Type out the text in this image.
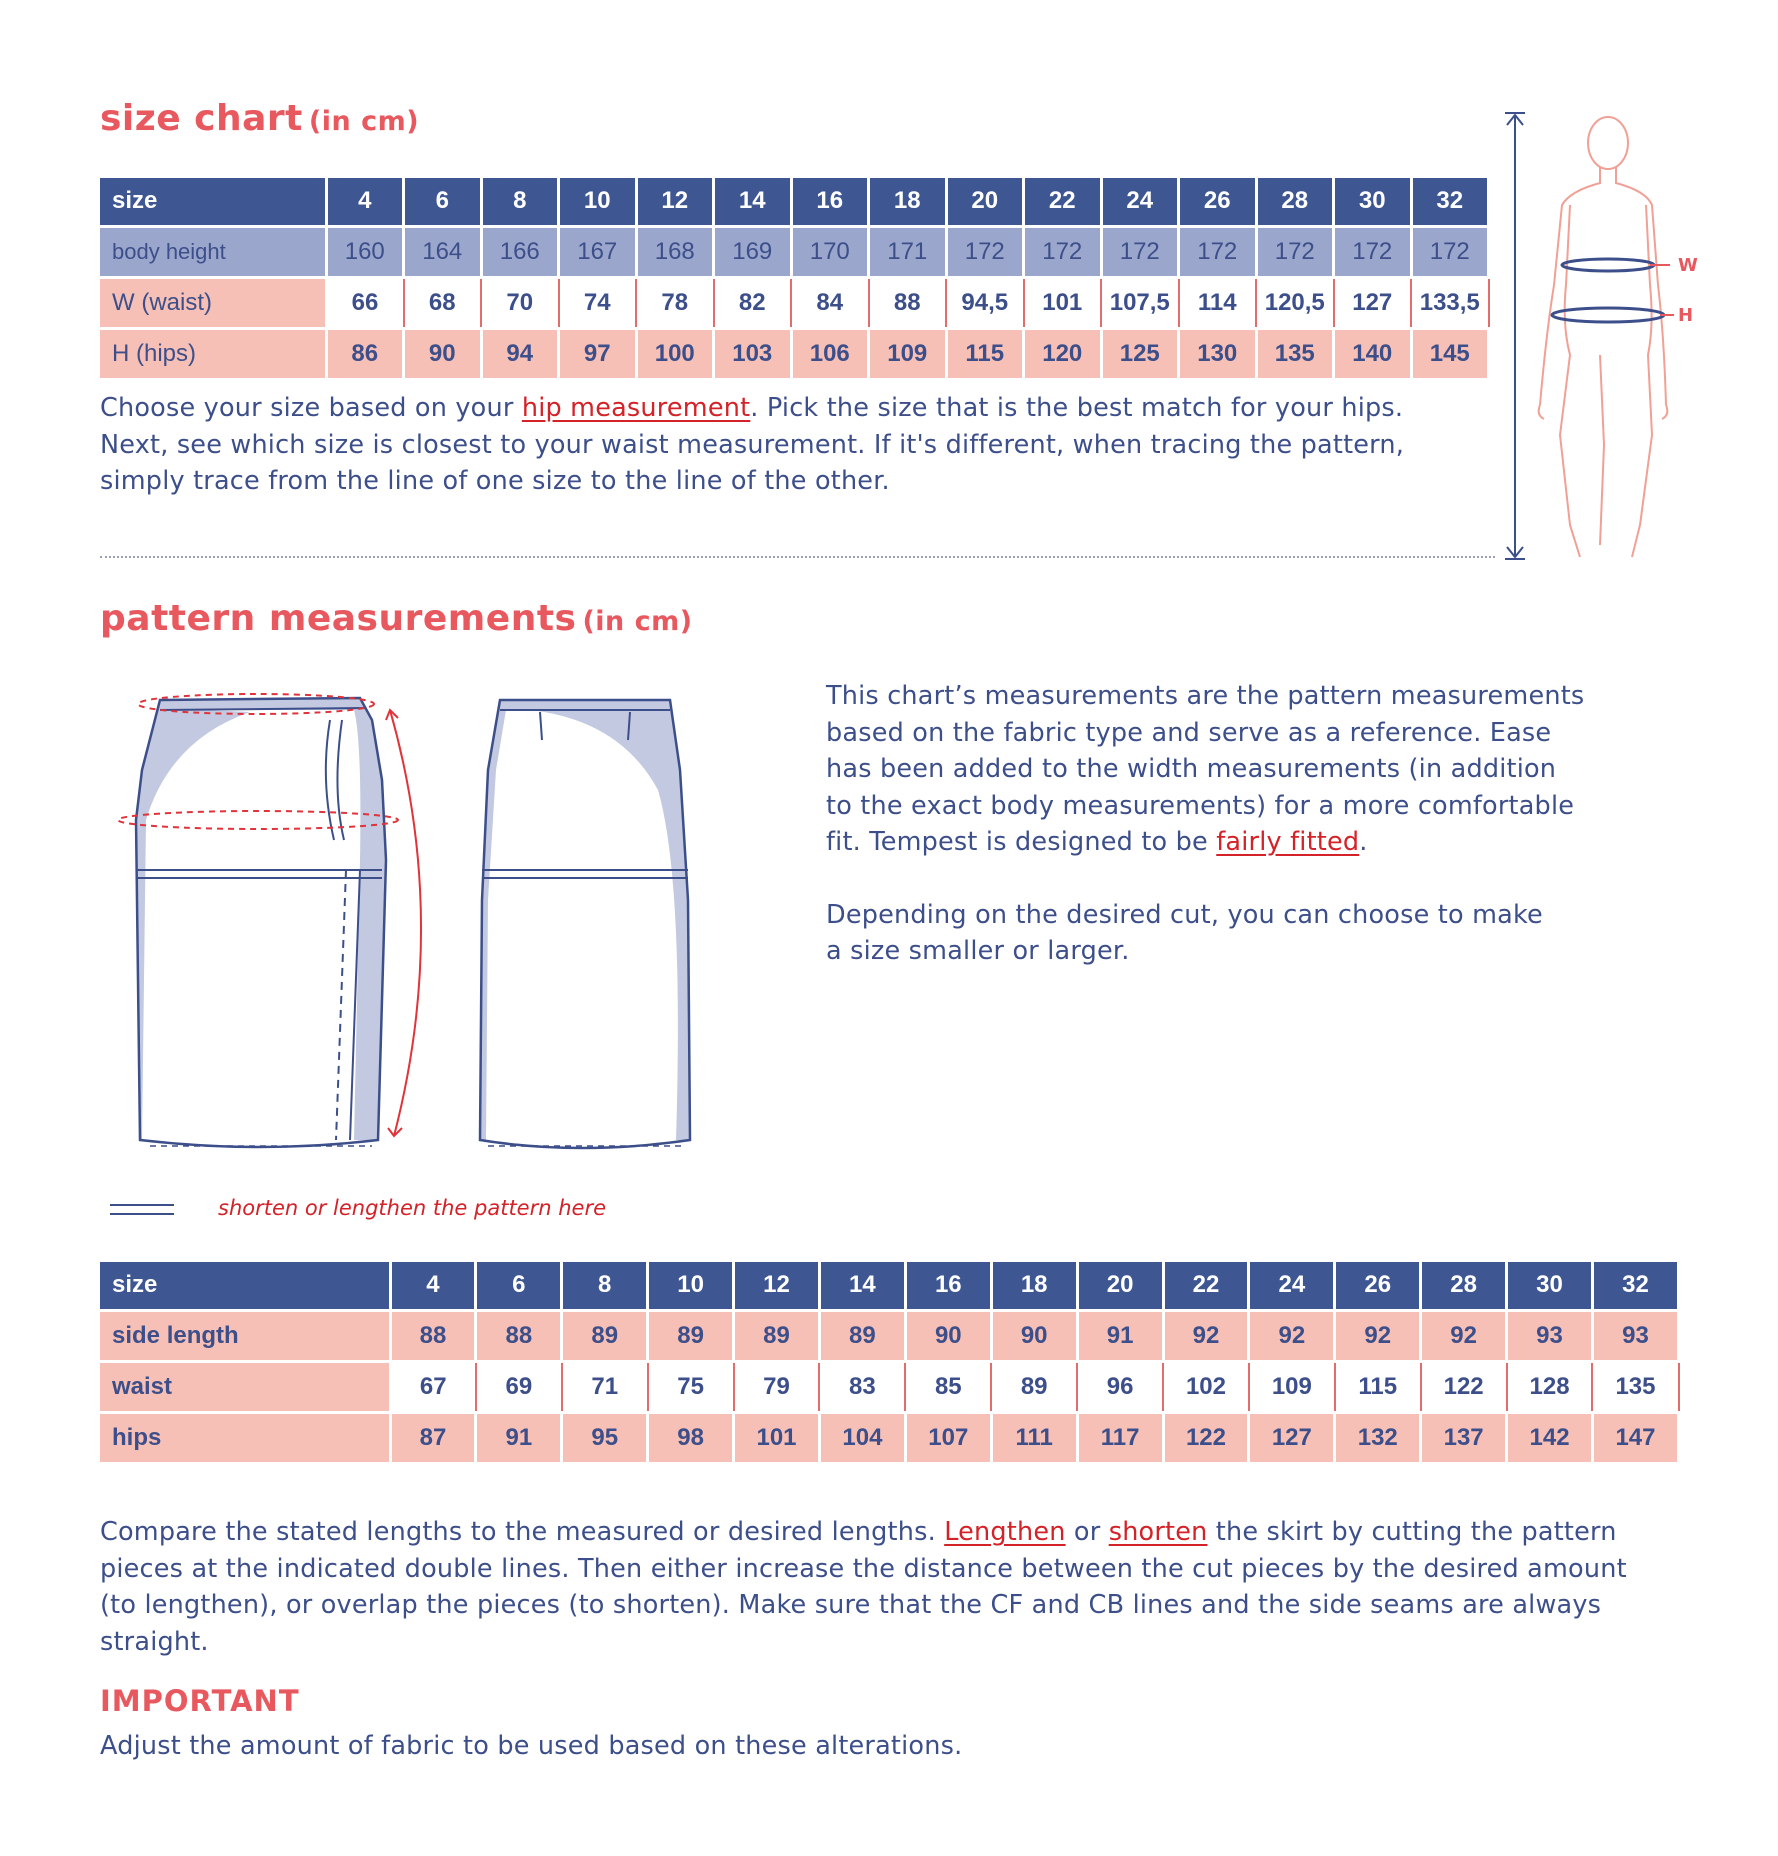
size chart (in cm)
size	4	6	8	10	12	14	16	18	20	22	24	26	28	30	32
body height	160	164	166	167	168	169	170	171	172	172	172	172	172	172	172
W (waist)	66	68	70	74	78	82	84	88	94,5	101	107,5	114	120,5	127	133,5
H (hips)	86	90	94	97	100	103	106	109	115	120	125	130	135	140	145

Choose your size based on your hip measurement. Pick the size that is the best match for your hips.

Next, see which size is closest to your waist measurement. If it's different, when tracing the pattern,

simply trace from the line of one size to the line of the other.

W
H
pattern measurements (in cm)

This chart’s measurements are the pattern measurements

based on the fabric type and serve as a reference. Ease

has been added to the width measurements (in addition

to the exact body measurements) for a more comfortable

fit. Tempest is designed to be fairly fitted.

Depending on the desired cut, you can choose to make

a size smaller or larger.

shorten or lengthen the pattern here
size	4	6	8	10	12	14	16	18	20	22	24	26	28	30	32
side length	88	88	89	89	89	89	90	90	91	92	92	92	92	93	93
waist	67	69	71	75	79	83	85	89	96	102	109	115	122	128	135
hips	87	91	95	98	101	104	107	111	117	122	127	132	137	142	147

Compare the stated lengths to the measured or desired lengths. Lengthen or shorten the skirt by cutting the pattern

pieces at the indicated double lines. Then either increase the distance between the cut pieces by the desired amount

(to lengthen), or overlap the pieces (to shorten). Make sure that the CF and CB lines and the side seams are always

straight.

IMPORTANT
Adjust the amount of fabric to be used based on these alterations.
